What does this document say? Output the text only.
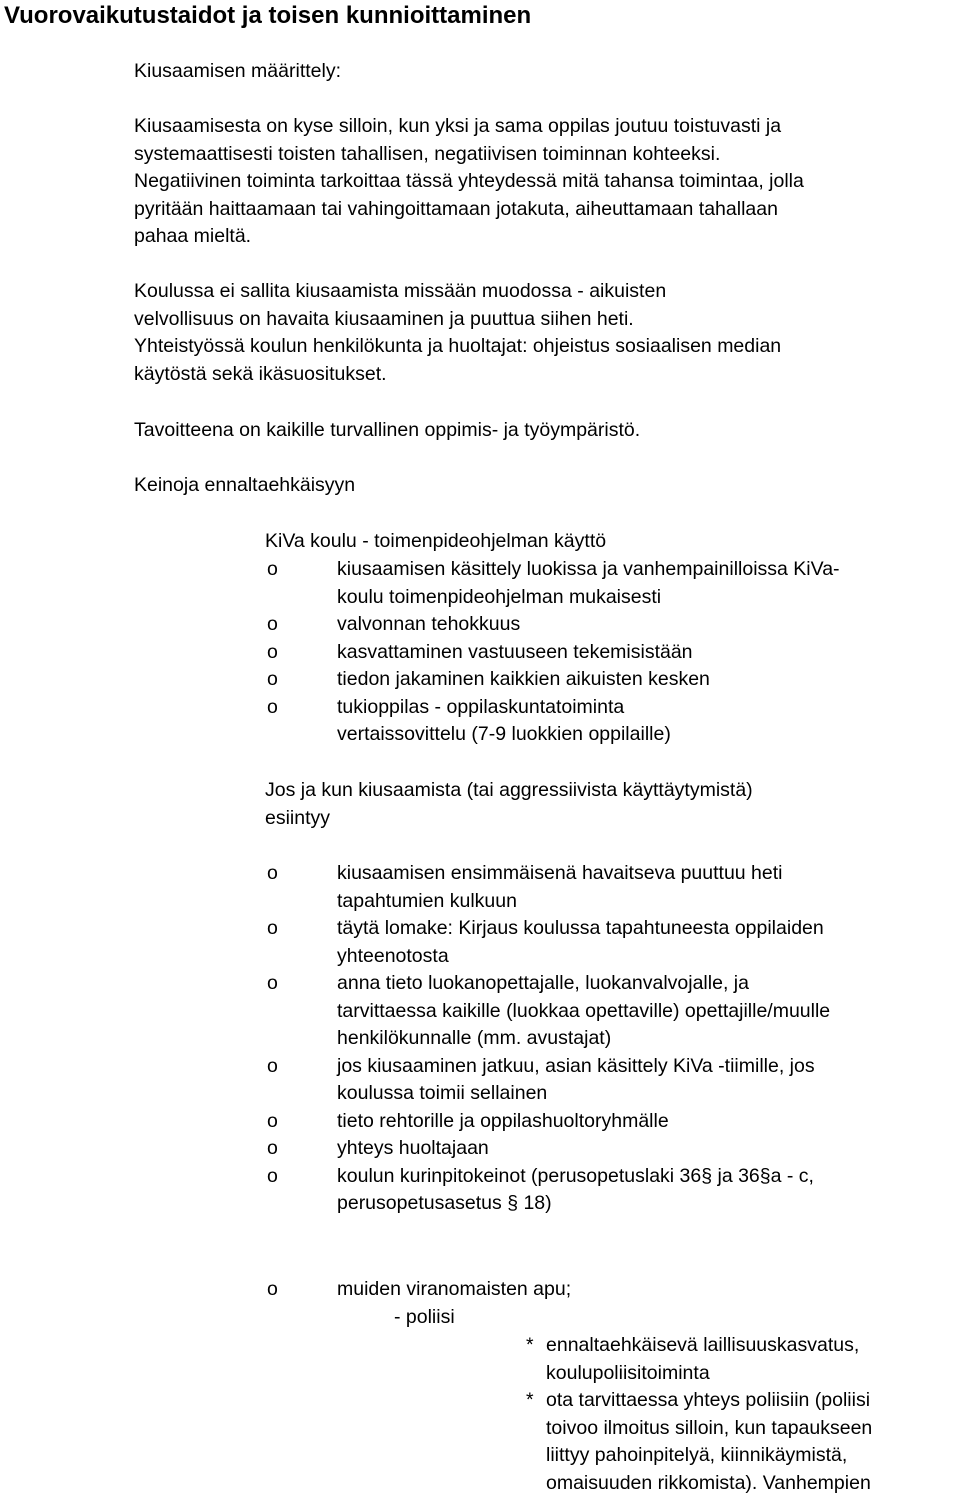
Vuorovaikutustaidot ja toisen kunnioittaminen

Kiusaamisen määrittely:

Kiusaamisesta on kyse silloin, kun yksi ja sama oppilas joutuu toistuvasti ja
systemaattisesti toisten tahallisen, negatiivisen toiminnan kohteeksi.
Negatiivinen toiminta tarkoittaa tässä yhteydessä mitä tahansa toimintaa, jolla
pyritään haittaamaan tai vahingoittamaan jotakuta, aiheuttamaan tahallaan
pahaa mieltä.

Koulussa ei sallita kiusaamista missään muodossa - aikuisten
velvollisuus on havaita kiusaaminen ja puuttua siihen heti.
Yhteistyössä koulun henkilökunta ja huoltajat: ohjeistus sosiaalisen median
käytöstä sekä ikäsuositukset.

Tavoitteena on kaikille turvallinen oppimis- ja työympäristö.

Keinoja ennaltaehkäisyyn

KiVa koulu - toimenpideohjelman käyttö

o	kiusaamisen käsittely luokissa ja vanhempainilloissa KiVa-
koulu toimenpideohjelman mukaisesti
o	valvonnan tehokkuus
o	kasvattaminen vastuuseen tekemisistään
o	tiedon jakaminen kaikkien aikuisten kesken
o	tukioppilas - oppilaskuntatoiminta
vertaissovittelu (7-9 luokkien oppilaille)

Jos ja kun kiusaamista (tai aggressiivista käyttäytymistä)
esiintyy

o	kiusaamisen ensimmäisenä havaitseva puuttuu heti
tapahtumien kulkuun
o	täytä lomake: Kirjaus koulussa tapahtuneesta oppilaiden
yhteenotosta
o	anna tieto luokanopettajalle, luokanvalvojalle, ja
tarvittaessa kaikille (luokkaa opettaville) opettajille/muulle
henkilökunnalle (mm. avustajat)
o	jos kiusaaminen jatkuu, asian käsittely KiVa -tiimille, jos
koulussa toimii sellainen
o	tieto rehtorille ja oppilashuoltoryhmälle
o	yhteys huoltajaan
o	koulun kurinpitokeinot (perusopetuslaki 36§ ja 36§a - c,
perusopetusasetus § 18)
o	muiden viranomaisten apu;

- poliisi

* ennaltaehkäisevä laillisuuskasvatus,
koulupoliisitoiminta
* ota tarvittaessa yhteys poliisiin (poliisi
toivoo ilmoitus silloin, kun tapaukseen
liittyy pahoinpitelyä, kiinnikäymistä,
omaisuuden rikkomista). Vanhempien
